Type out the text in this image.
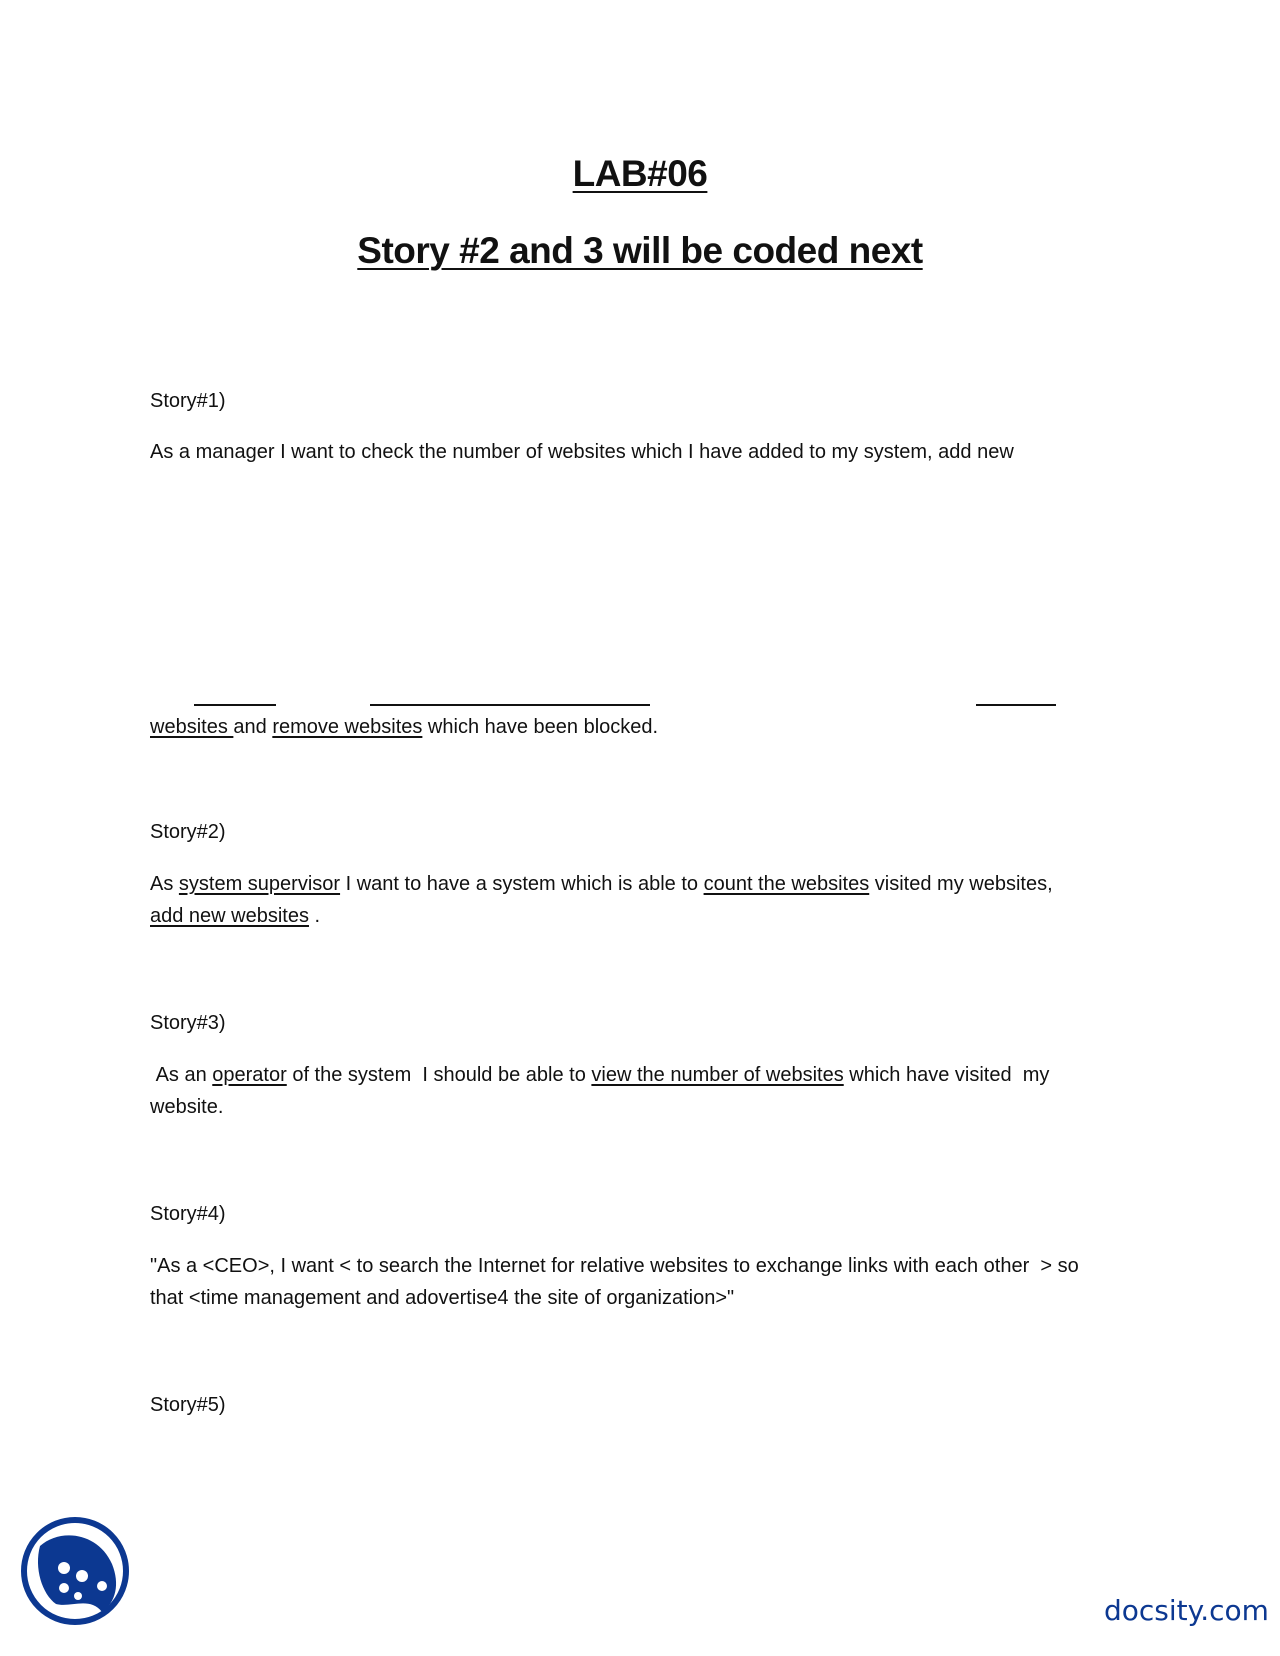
LAB#06
Story #2 and 3 will be coded next
Story#1)
As a manager I want to check the number of websites which I have added to my system, add new
websites and remove websites which have been blocked.
Story#2)
As system supervisor I want to have a system which is able to count the websites visited my websites,
add new websites .
Story#3)
As an operator of the system  I should be able to view the number of websites which have visited  my
website.
Story#4)
"As a <CEO>, I want < to search the Internet for relative websites to exchange links with each other  > so
that <time management and adovertise4 the site of organization>"
Story#5)
docsity.com
